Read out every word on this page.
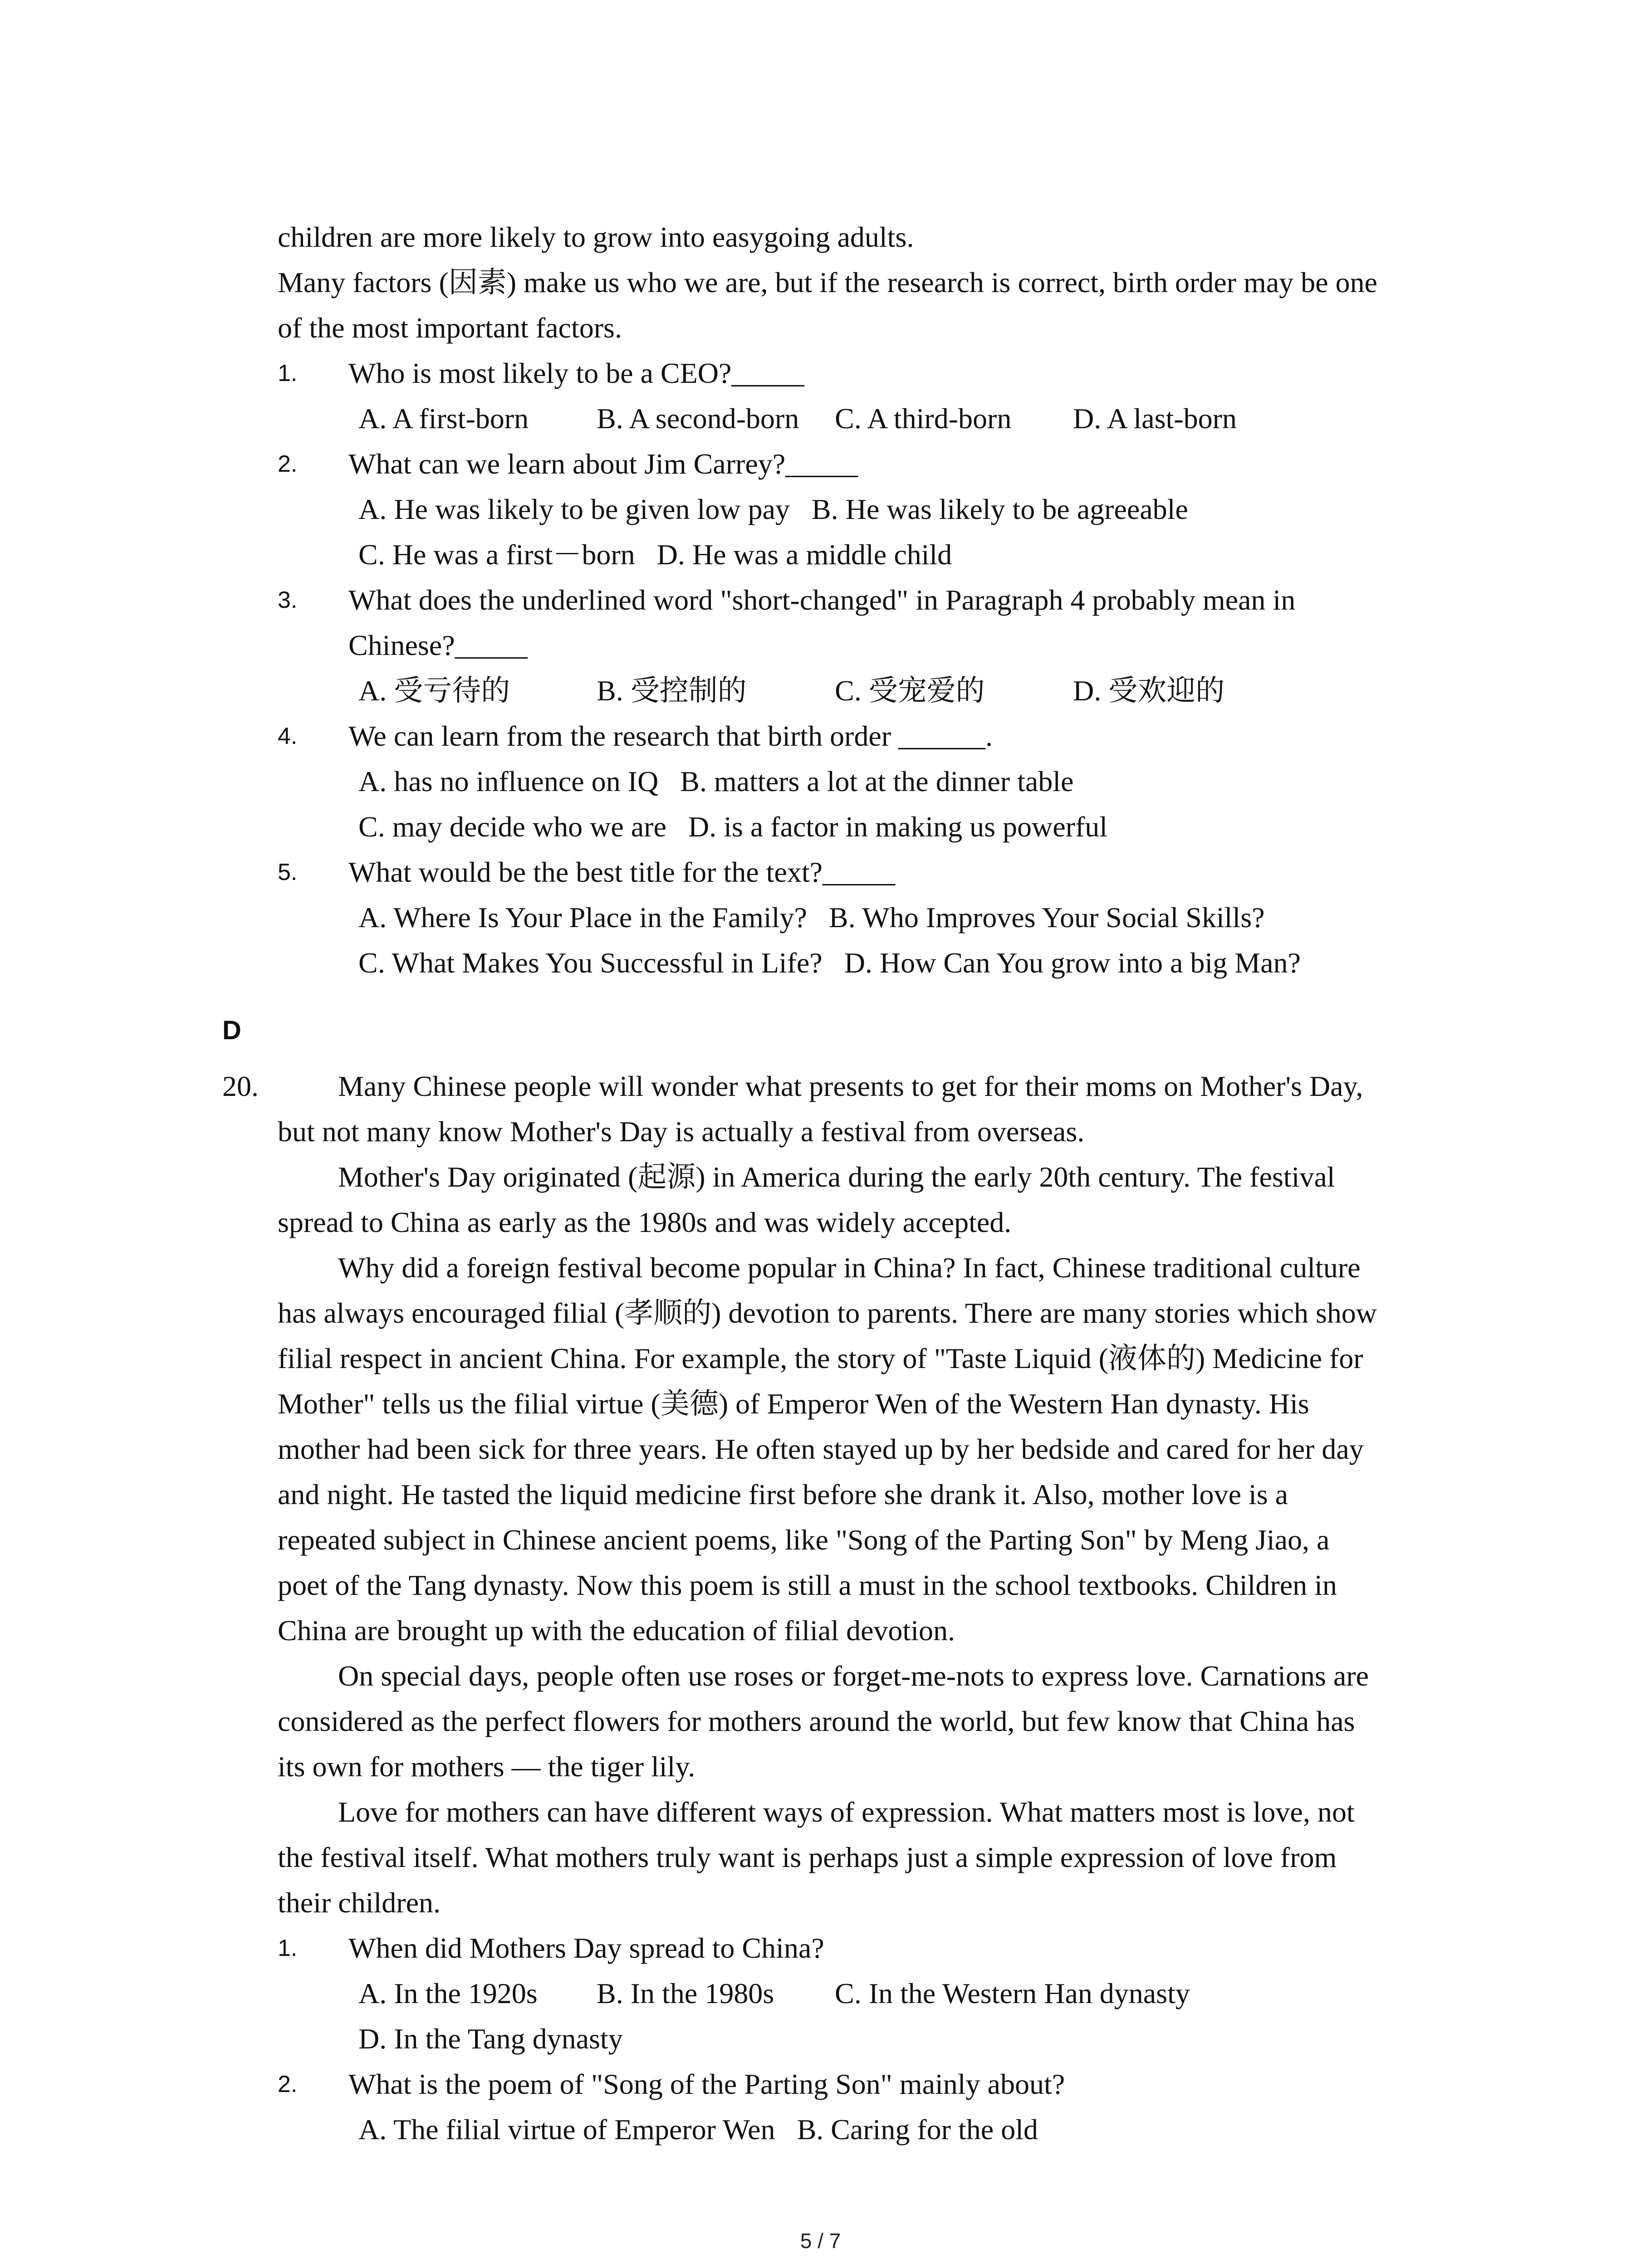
children are more likely to grow into easygoing adults.
Many factors (因素) make us who we are, but if the research is correct, birth order may be one
of the most important factors.
1. Who is most likely to be a CEO?_____
A. A first-born B. A second-born C. A third-born D. A last-born
2. What can we learn about Jim Carrey?_____
A. He was likely to be given low pay B. He was likely to be agreeable
C. He was a first－born D. He was a middle child
3. What does the underlined word "short-changed" in Paragraph 4 probably mean in
Chinese?_____
A. 受亏待的	B. 受控制的	C. 受宠爱的	D. 受欢迎的
4. We can learn from the research that birth order ______.
A. has no influence on IQ B. matters a lot at the dinner table
C. may decide who we are D. is a factor in making us powerful
5. What would be the best title for the text?_____
A. Where Is Your Place in the Family? B. Who Improves Your Social Skills?
C. What Makes You Successful in Life? D. How Can You grow into a big Man?
D
20.	Many Chinese people will wonder what presents to get for their moms on Mother's Day,
but not many know Mother's Day is actually a festival from overseas.
Mother's Day originated (起源) in America during the early 20th century. The festival
spread to China as early as the 1980s and was widely accepted.
Why did a foreign festival become popular in China? In fact, Chinese traditional culture
has always encouraged filial (孝顺的) devotion to parents. There are many stories which show
filial respect in ancient China. For example, the story of "Taste Liquid (液体的) Medicine for
Mother" tells us the filial virtue (美德) of Emperor Wen of the Western Han dynasty. His
mother had been sick for three years. He often stayed up by her bedside and cared for her day
and night. He tasted the liquid medicine first before she drank it. Also, mother love is a
repeated subject in Chinese ancient poems, like "Song of the Parting Son" by Meng Jiao, a
poet of the Tang dynasty. Now this poem is still a must in the school textbooks. Children in
China are brought up with the education of filial devotion.
On special days, people often use roses or forget-me-nots to express love. Carnations are
considered as the perfect flowers for mothers around the world, but few know that China has
its own for mothers — the tiger lily.
Love for mothers can have different ways of expression. What matters most is love, not
the festival itself. What mothers truly want is perhaps just a simple expression of love from
their children.
1. When did Mothers Day spread to China?
A. In the 1920s B. In the 1980s C. In the Western Han dynasty
D. In the Tang dynasty
2. What is the poem of "Song of the Parting Son" mainly about?
A. The filial virtue of Emperor Wen B. Caring for the old
5 / 7
